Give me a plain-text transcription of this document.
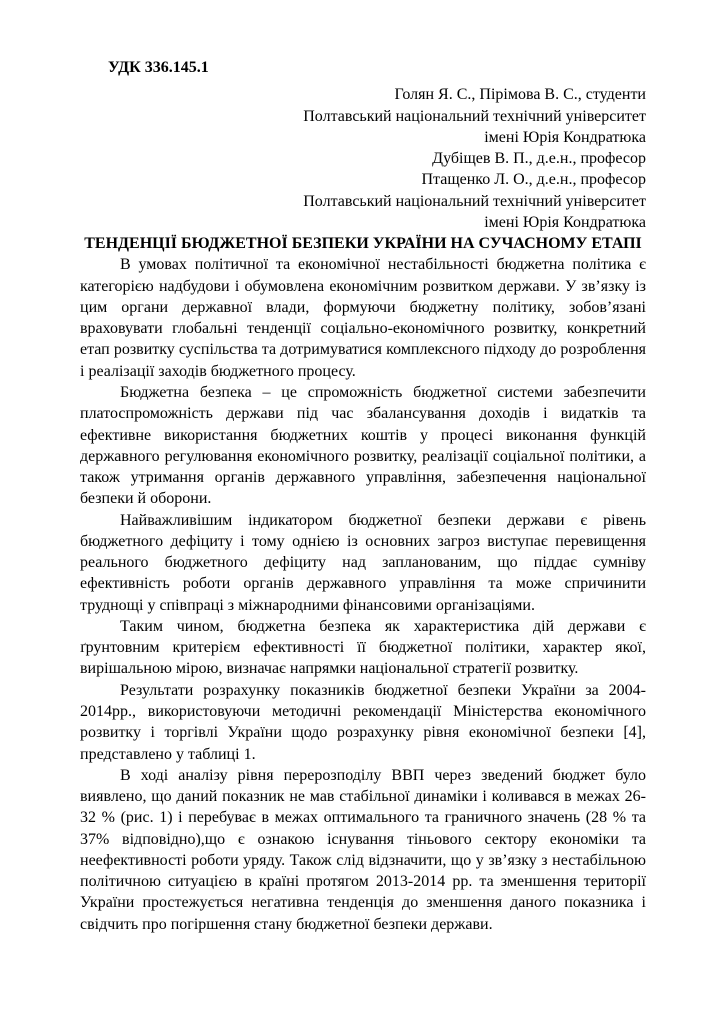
УДК 336.145.1
Голян Я. С., Пірімова В. С., студенти
Полтавський національний технічний університет
імені Юрія Кондратюка
Дубіщев В. П., д.е.н., професор
Птащенко Л. О., д.е.н., професор
Полтавський національний технічний університет
імені Юрія Кондратюка
ТЕНДЕНЦІЇ БЮДЖЕТНОЇ БЕЗПЕКИ УКРАЇНИ НА СУЧАСНОМУ ЕТАПІ

В умовах політичної та економічної нестабільності бюджетна політика є категорією надбудови і обумовлена економічним розвитком держави. У зв’язку із цим органи державної влади, формуючи бюджетну політику, зобов’язані враховувати глобальні тенденції соціально-економічного розвитку, конкретний етап розвитку суспільства та дотримуватися комплексного підходу до розроблення і реалізації заходів бюджетного процесу.

Бюджетна безпека – це спроможність бюджетної системи забезпечити платоспроможність держави під час збалансування доходів і видатків та ефективне використання бюджетних коштів у процесі виконання функцій державного регулювання економічного розвитку, реалізації соціальної політики, а також утримання органів державного управління, забезпечення національної безпеки й оборони.

Найважливішим індикатором бюджетної безпеки держави є рівень бюджетного дефіциту і тому однією із основних загроз виступає перевищення реального бюджетного дефіциту над запланованим, що піддає сумніву ефективність роботи органів державного управління та може спричинити труднощі у співпраці з міжнародними фінансовими організаціями.

Таким чином, бюджетна безпека як характеристика дій держави є ґрунтовним критерієм ефективності її бюджетної політики, характер якої, вирішальною мірою, визначає напрямки національної стратегії розвитку.

Результати розрахунку показників бюджетної безпеки України за 2004-2014рр., використовуючи методичні рекомендації Міністерства економічного розвитку і торгівлі України щодо розрахунку рівня економічної безпеки [4], представлено у таблиці 1.

В ході аналізу рівня перерозподілу ВВП через зведений бюджет було виявлено, що даний показник не мав стабільної динаміки і коливався в межах 26-32 % (рис. 1) і перебуває в межах оптимального та граничного значень (28 % та 37% відповідно),що є ознакою існування тіньового сектору економіки та неефективності роботи уряду. Також слід відзначити, що у зв’язку з нестабільною політичною ситуацією в країні протягом 2013-2014 рр. та зменшення території України простежується негативна тенденція до зменшення даного показника і свідчить про погіршення стану бюджетної безпеки держави.
